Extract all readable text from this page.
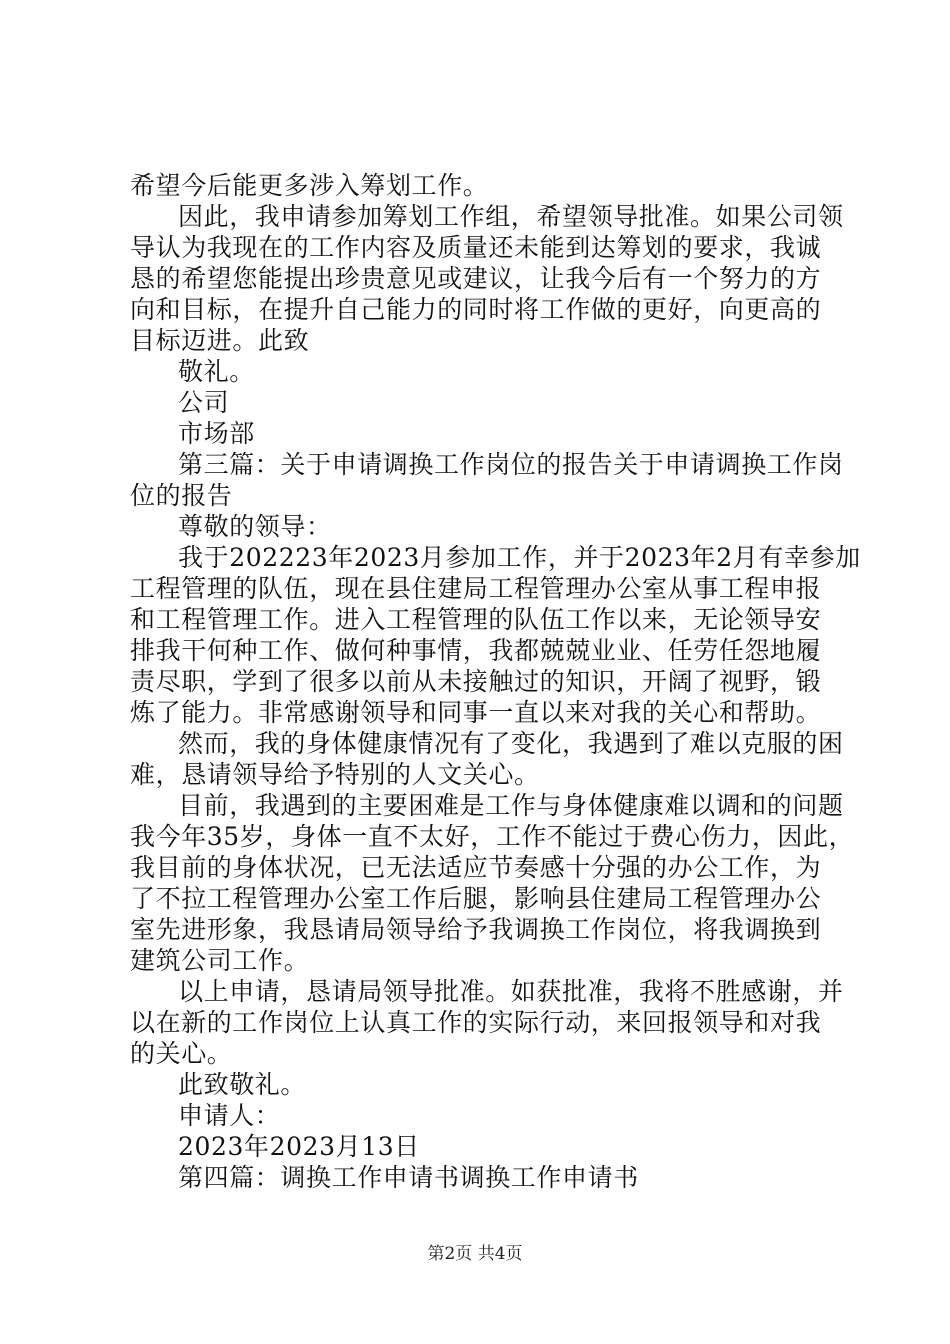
希望今后能更多涉入筹划工作。
因此，我申请参加筹划工作组，希望领导批准。如果公司领
导认为我现在的工作内容及质量还未能到达筹划的要求，我诚
恳的希望您能提出珍贵意见或建议，让我今后有一个努力的方
向和目标，在提升自己能力的同时将工作做的更好，向更高的
目标迈进。此致
敬礼。
公司
市场部
第三篇：关于申请调换工作岗位的报告关于申请调换工作岗
位的报告
尊敬的领导：
我于202223年2023月参加工作，并于2023年2月有幸参加
工程管理的队伍，现在县住建局工程管理办公室从事工程申报
和工程管理工作。进入工程管理的队伍工作以来，无论领导安
排我干何种工作、做何种事情，我都兢兢业业、任劳任怨地履
责尽职，学到了很多以前从未接触过的知识，开阔了视野，锻
炼了能力。非常感谢领导和同事一直以来对我的关心和帮助。
然而，我的身体健康情况有了变化，我遇到了难以克服的困
难，恳请领导给予特别的人文关心。
目前，我遇到的主要困难是工作与身体健康难以调和的问题
我今年35岁，身体一直不太好，工作不能过于费心伤力，因此，
我目前的身体状况，已无法适应节奏感十分强的办公工作，为
了不拉工程管理办公室工作后腿，影响县住建局工程管理办公
室先进形象，我恳请局领导给予我调换工作岗位，将我调换到
建筑公司工作。
以上申请，恳请局领导批准。如获批准，我将不胜感谢，并
以在新的工作岗位上认真工作的实际行动，来回报领导和对我
的关心。
此致敬礼。
申请人：
2023年2023月13日
第四篇：调换工作申请书调换工作申请书
第2页 共4页
